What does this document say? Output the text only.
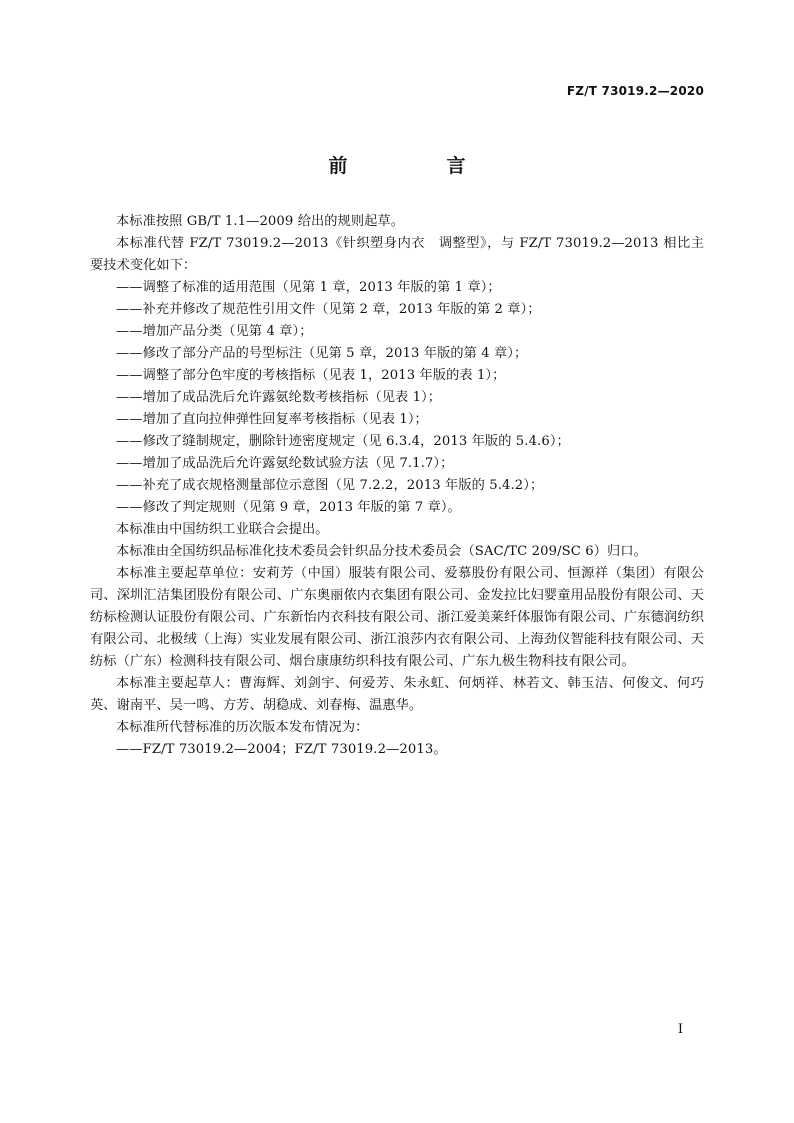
FZ/T 73019.2—2020
前　言

本标准按照 GB/T 1.1—2009 给出的规则起草。

本标准代替 FZ/T 73019.2—2013《针织塑身内衣　调整型》，与 FZ/T 73019.2—2013 相比主要技术变化如下：

——调整了标准的适用范围（见第 1 章，2013 年版的第 1 章）；

——补充并修改了规范性引用文件（见第 2 章，2013 年版的第 2 章）；

——增加产品分类（见第 4 章）；

——修改了部分产品的号型标注（见第 5 章，2013 年版的第 4 章）；

——调整了部分色牢度的考核指标（见表 1，2013 年版的表 1）；

——增加了成品洗后允许露氨纶数考核指标（见表 1）；

——增加了直向拉伸弹性回复率考核指标（见表 1）；

——修改了缝制规定，删除针迹密度规定（见 6.3.4，2013 年版的 5.4.6）；

——增加了成品洗后允许露氨纶数试验方法（见 7.1.7）；

——补充了成衣规格测量部位示意图（见 7.2.2，2013 年版的 5.4.2）；

——修改了判定规则（见第 9 章，2013 年版的第 7 章）。

本标准由中国纺织工业联合会提出。

本标准由全国纺织品标准化技术委员会针织品分技术委员会（SAC/TC 209/SC 6）归口。

本标准主要起草单位：安莉芳（中国）服装有限公司、爱慕股份有限公司、恒源祥（集团）有限公司、深圳汇洁集团股份有限公司、广东奥丽侬内衣集团有限公司、金发拉比妇婴童用品股份有限公司、天纺标检测认证股份有限公司、广东新怡内衣科技有限公司、浙江爱美莱纤体服饰有限公司、广东德润纺织有限公司、北极绒（上海）实业发展有限公司、浙江浪莎内衣有限公司、上海劲仪智能科技有限公司、天纺标（广东）检测科技有限公司、烟台康康纺织科技有限公司、广东九极生物科技有限公司。

本标准主要起草人：曹海辉、刘剑宇、何爱芳、朱永虹、何炳祥、林若文、韩玉洁、何俊文、何巧英、谢南平、吴一鸣、方芳、胡稳成、刘春梅、温惠华。

本标准所代替标准的历次版本发布情况为：

——FZ/T 73019.2—2004；FZ/T 73019.2—2013。

I
